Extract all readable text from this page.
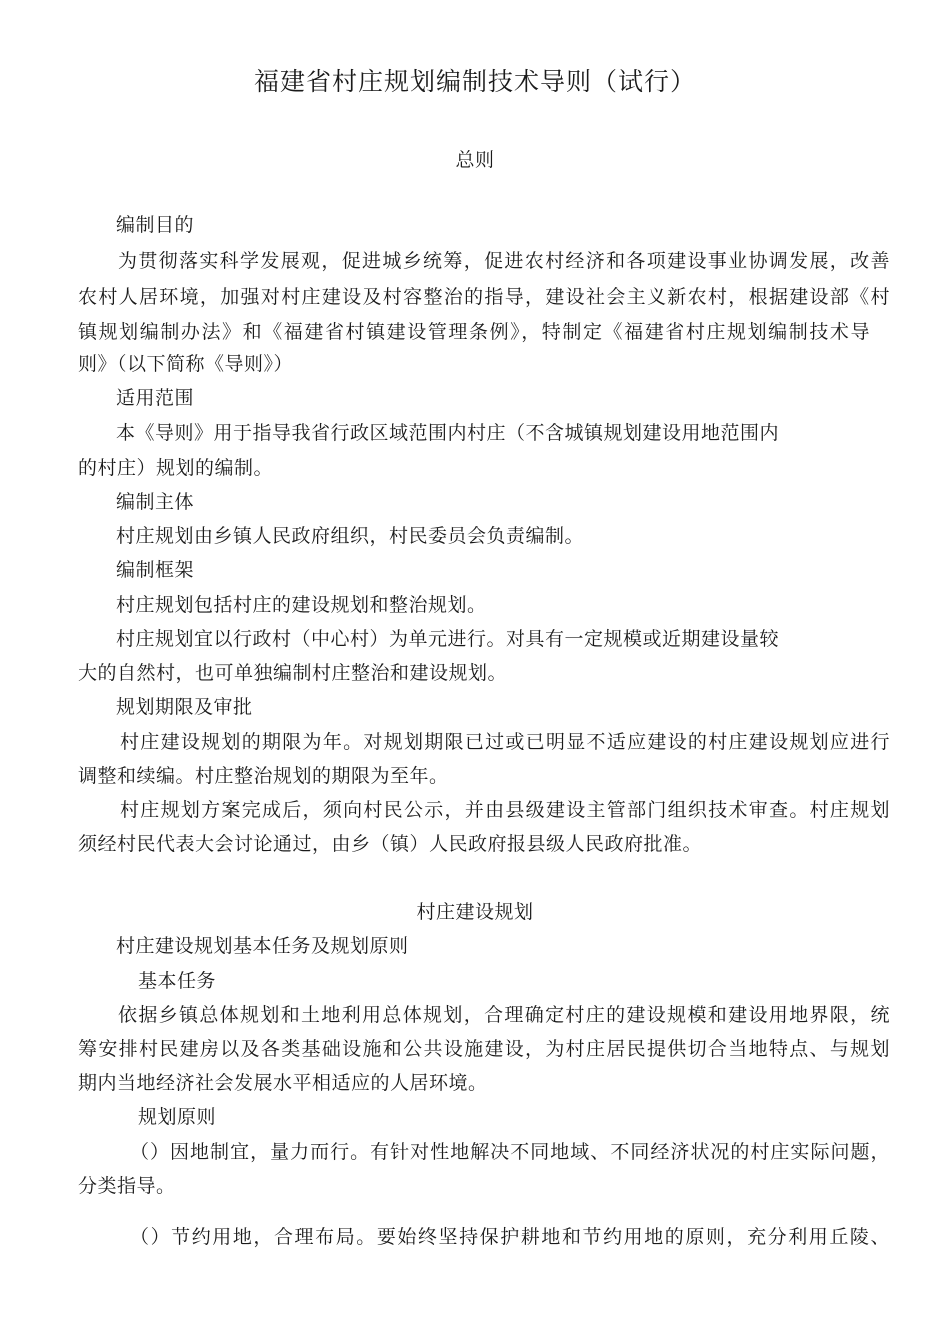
福建省村庄规划编制技术导则（试行）
总则
编制目的
为贯彻落实科学发展观，促进城乡统筹，促进农村经济和各项建设事业协调发展，改善
农村人居环境，加强对村庄建设及村容整治的指导，建设社会主义新农村，根据建设部《村
镇规划编制办法》和《福建省村镇建设管理条例》，特制定《福建省村庄规划编制技术导
则》（以下简称《导则》）
适用范围
本《导则》用于指导我省行政区域范围内村庄（不含城镇规划建设用地范围内
的村庄）规划的编制。
编制主体
村庄规划由乡镇人民政府组织，村民委员会负责编制。
编制框架
村庄规划包括村庄的建设规划和整治规划。
村庄规划宜以行政村（中心村）为单元进行。对具有一定规模或近期建设量较
大的自然村，也可单独编制村庄整治和建设规划。
规划期限及审批
村庄建设规划的期限为年。对规划期限已过或已明显不适应建设的村庄建设规划应进行
调整和续编。村庄整治规划的期限为至年。
村庄规划方案完成后，须向村民公示，并由县级建设主管部门组织技术审查。村庄规划
须经村民代表大会讨论通过，由乡（镇）人民政府报县级人民政府批准。
村庄建设规划
村庄建设规划基本任务及规划原则
基本任务
依据乡镇总体规划和土地利用总体规划，合理确定村庄的建设规模和建设用地界限，统
筹安排村民建房以及各类基础设施和公共设施建设，为村庄居民提供切合当地特点、与规划
期内当地经济社会发展水平相适应的人居环境。
规划原则
（）因地制宜，量力而行。有针对性地解决不同地域、不同经济状况的村庄实际问题，
分类指导。
（）节约用地，合理布局。要始终坚持保护耕地和节约用地的原则，充分利用丘陵、
